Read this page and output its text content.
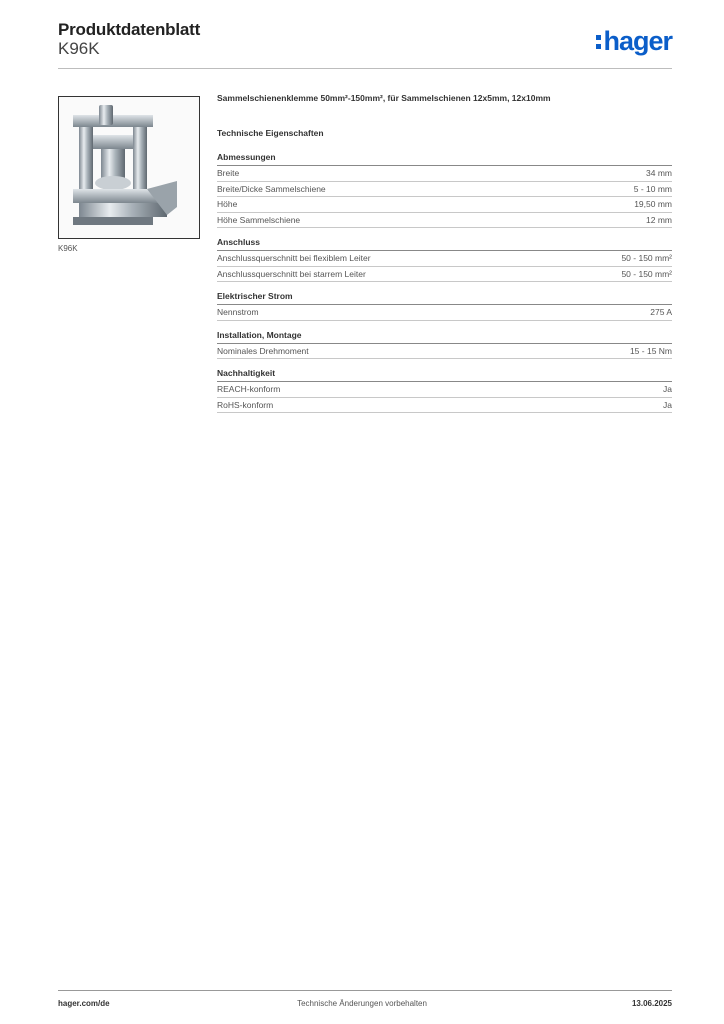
Produktdatenblatt
K96K	hager
K96K
Sammelschienenklemme 50mm²-150mm², für Sammelschienen 12x5mm, 12x10mm
Technische Eigenschaften
Abmessungen
Breite	34 mm
Breite/Dicke Sammelschiene	5 - 10 mm
Höhe	19,50 mm
Höhe Sammelschiene	12 mm
Anschluss
Anschlussquerschnitt bei flexiblem Leiter	50 - 150 mm²
Anschlussquerschnitt bei starrem Leiter	50 - 150 mm²
Elektrischer Strom
Nennstrom	275 A
Installation, Montage
Nominales Drehmoment	15 - 15 Nm
Nachhaltigkeit
REACH-konform	Ja
RoHS-konform	Ja
hager.com/de	Technische Änderungen vorbehalten	13.06.2025
